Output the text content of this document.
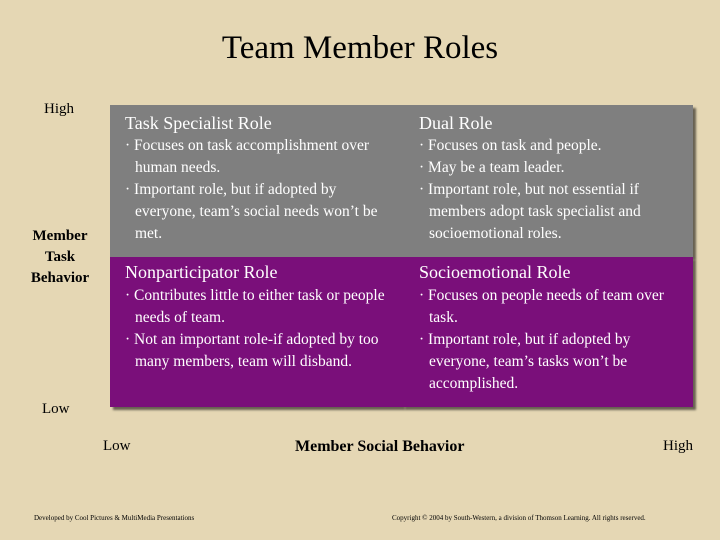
Team Member Roles
High
Member Task Behavior
Low
Task Specialist Role
· Focuses on task accomplishment over human needs.
· Important role, but if adopted by everyone, team’s social needs won’t be met.
Dual Role
· Focuses on task and people.
· May be a team leader.
· Important role, but not essential if members adopt task specialist and socioemotional roles.
Nonparticipator Role
· Contributes little to either task or people needs of team.
· Not an important role-if adopted by too many members, team will disband.
Socioemotional Role
· Focuses on people needs of team over task.
· Important role, but if adopted by everyone, team’s tasks won’t be accomplished.
Low	Member Social Behavior	High
Developed by Cool Pictures & MultiMedia Presentations	Copyright © 2004 by South-Western, a division of Thomson Learning. All rights reserved.
